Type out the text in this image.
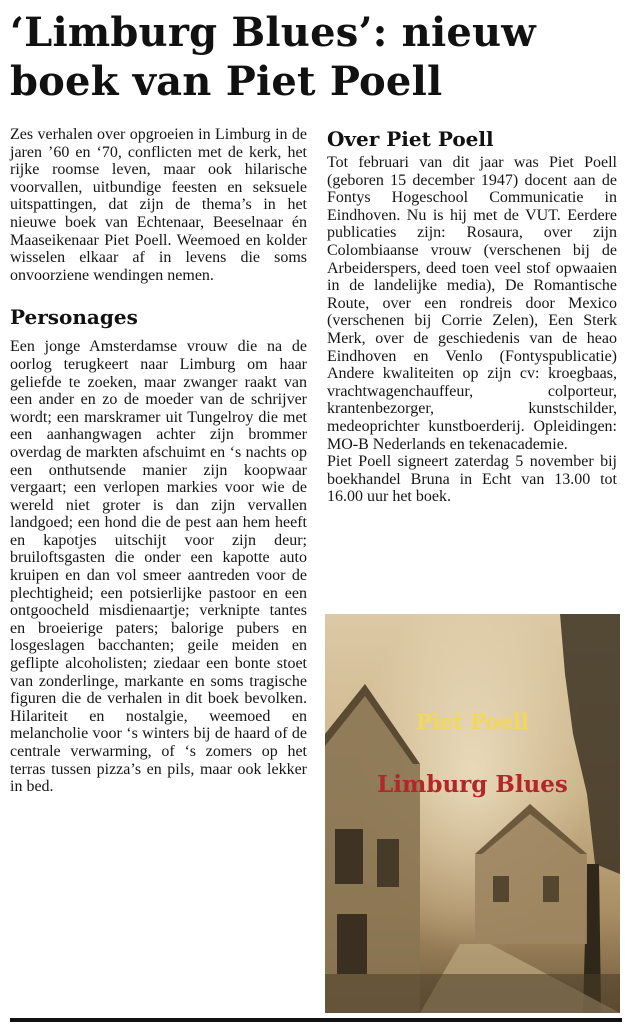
‘Limburg Blues’: nieuw boek van Piet Poell

Zes verhalen over opgroeien in Limburg in de jaren ’60 en ‘70, conflicten met de kerk, het rijke roomse leven, maar ook hilarische voorvallen, uitbundige feesten en seksuele uitspattingen, dat zijn de thema’s in het nieuwe boek van Echtenaar, Beeselnaar én Maaseikenaar Piet Poell. Weemoed en kolder wisselen elkaar af in levens die soms onvoorziene wendingen nemen.

Personages

Een jonge Amsterdamse vrouw die na de oorlog terugkeert naar Limburg om haar geliefde te zoeken, maar zwanger raakt van een ander en zo de moeder van de schrijver wordt; een marskramer uit Tungelroy die met een aanhangwagen achter zijn brommer overdag de markten afschuimt en ‘s nachts op een onthutsende manier zijn koopwaar vergaart; een verlopen markies voor wie de wereld niet groter is dan zijn vervallen landgoed; een hond die de pest aan hem heeft en kapotjes uitschijt voor zijn deur; bruiloftsgasten die onder een kapotte auto kruipen en dan vol smeer aantreden voor de plechtigheid; een potsierlijke pastoor en een ontgoocheld misdienaartje; verknipte tantes en broeierige paters; balorige pubers en losgeslagen bacchanten; geile meiden en geflipte alcoholisten; ziedaar een bonte stoet van zonderlinge, markante en soms tragische figuren die de verhalen in dit boek bevolken. Hilariteit en nostalgie, weemoed en melancholie voor ‘s winters bij de haard of de centrale verwarming, of ‘s zomers op het terras tussen pizza’s en pils, maar ook lekker in bed.

Over Piet Poell

Tot februari van dit jaar was Piet Poell (geboren 15 december 1947) docent aan de Fontys Hogeschool Communicatie in Eindhoven. Nu is hij met de VUT. Eerdere publicaties zijn: Rosaura, over zijn Colombiaanse vrouw (verschenen bij de Arbeiderspers, deed toen veel stof opwaaien in de landelijke media), De Romantische Route, over een rondreis door Mexico (verschenen bij Corrie Zelen), Een Sterk Merk, over de geschiedenis van de heao Eindhoven en Venlo (Fontyspublicatie) Andere kwaliteiten op zijn cv: kroegbaas, vrachtwagenchauffeur, colporteur, krantenbezorger, kunstschilder, medeoprichter kunstboerderij. Opleidingen: MO-B Nederlands en tekenacademie.

Piet Poell signeert zaterdag 5 november bij boekhandel Bruna in Echt van 13.00 tot 16.00 uur het boek.

Piet Poell
Limburg Blues
